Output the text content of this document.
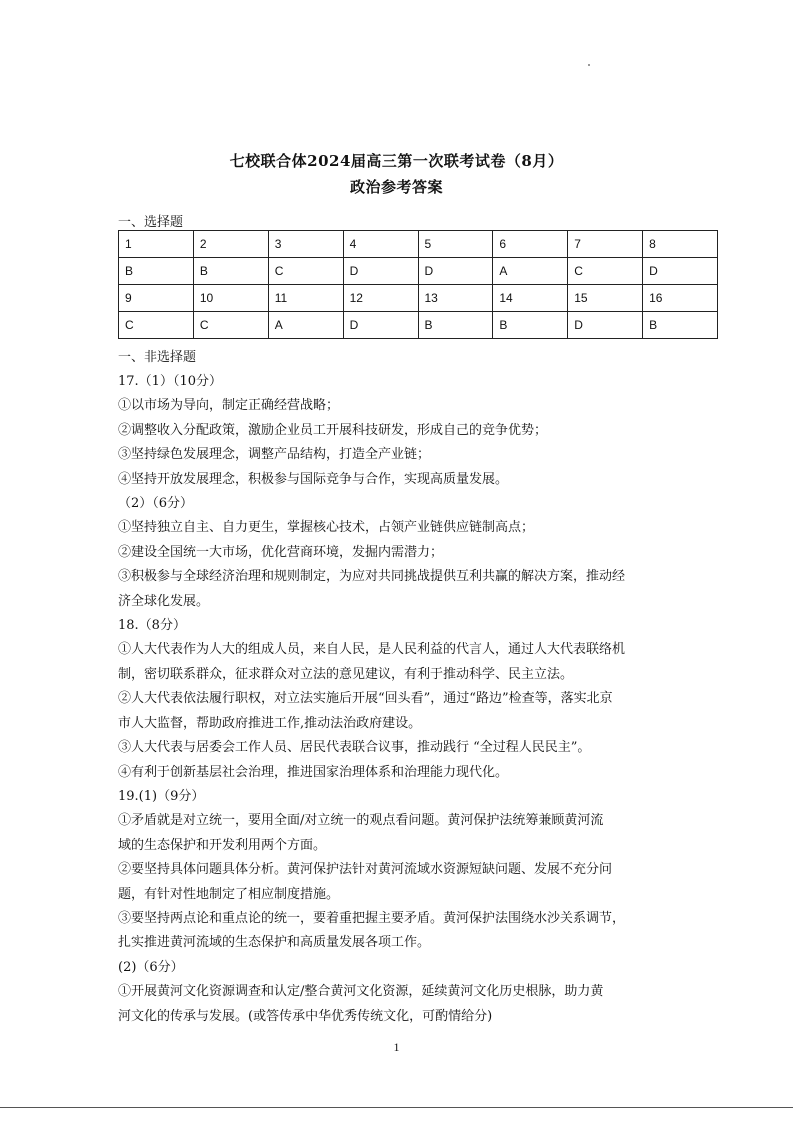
七校联合体2024届高三第一次联考试卷（8月）
政治参考答案
一、选择题
1	2	3	4	5	6	7	8
B	B	C	D	D	A	C	D
9	10	11	12	13	14	15	16
C	C	A	D	B	B	D	B
一、非选择题
17.（1）（10分）
①以市场为导向，制定正确经营战略；
②调整收入分配政策，激励企业员工开展科技研发，形成自己的竞争优势；
③坚持绿色发展理念，调整产品结构，打造全产业链；
④坚持开放发展理念，积极参与国际竞争与合作，实现高质量发展。
（2）（6分）
①坚持独立自主、自力更生，掌握核心技术，占领产业链供应链制高点；
②建设全国统一大市场，优化营商环境，发掘内需潜力；
③积极参与全球经济治理和规则制定，为应对共同挑战提供互利共赢的解决方案，推动经
济全球化发展。
18.（8分）
①人大代表作为人大的组成人员，来自人民，是人民利益的代言人，通过人大代表联络机
制，密切联系群众，征求群众对立法的意见建议，有利于推动科学、民主立法。
②人大代表依法履行职权，对立法实施后开展“回头看”，通过“路边”检查等，落实北京
市人大监督，帮助政府推进工作,推动法治政府建设。
③人大代表与居委会工作人员、居民代表联合议事，推动践行 “全过程人民民主”。
④有利于创新基层社会治理，推进国家治理体系和治理能力现代化。
19.(1)（9分）
①矛盾就是对立统一，要用全面/对立统一的观点看问题。黄河保护法统筹兼顾黄河流
域的生态保护和开发利用两个方面。
②要坚持具体问题具体分析。黄河保护法针对黄河流域水资源短缺问题、发展不充分问
题，有针对性地制定了相应制度措施。
③要坚持两点论和重点论的统一，要着重把握主要矛盾。黄河保护法围绕水沙关系调节，
扎实推进黄河流域的生态保护和高质量发展各项工作。
(2)（6分）
①开展黄河文化资源调查和认定/整合黄河文化资源，延续黄河文化历史根脉，助力黄
河文化的传承与发展。(或答传承中华优秀传统文化，可酌情给分)
1
